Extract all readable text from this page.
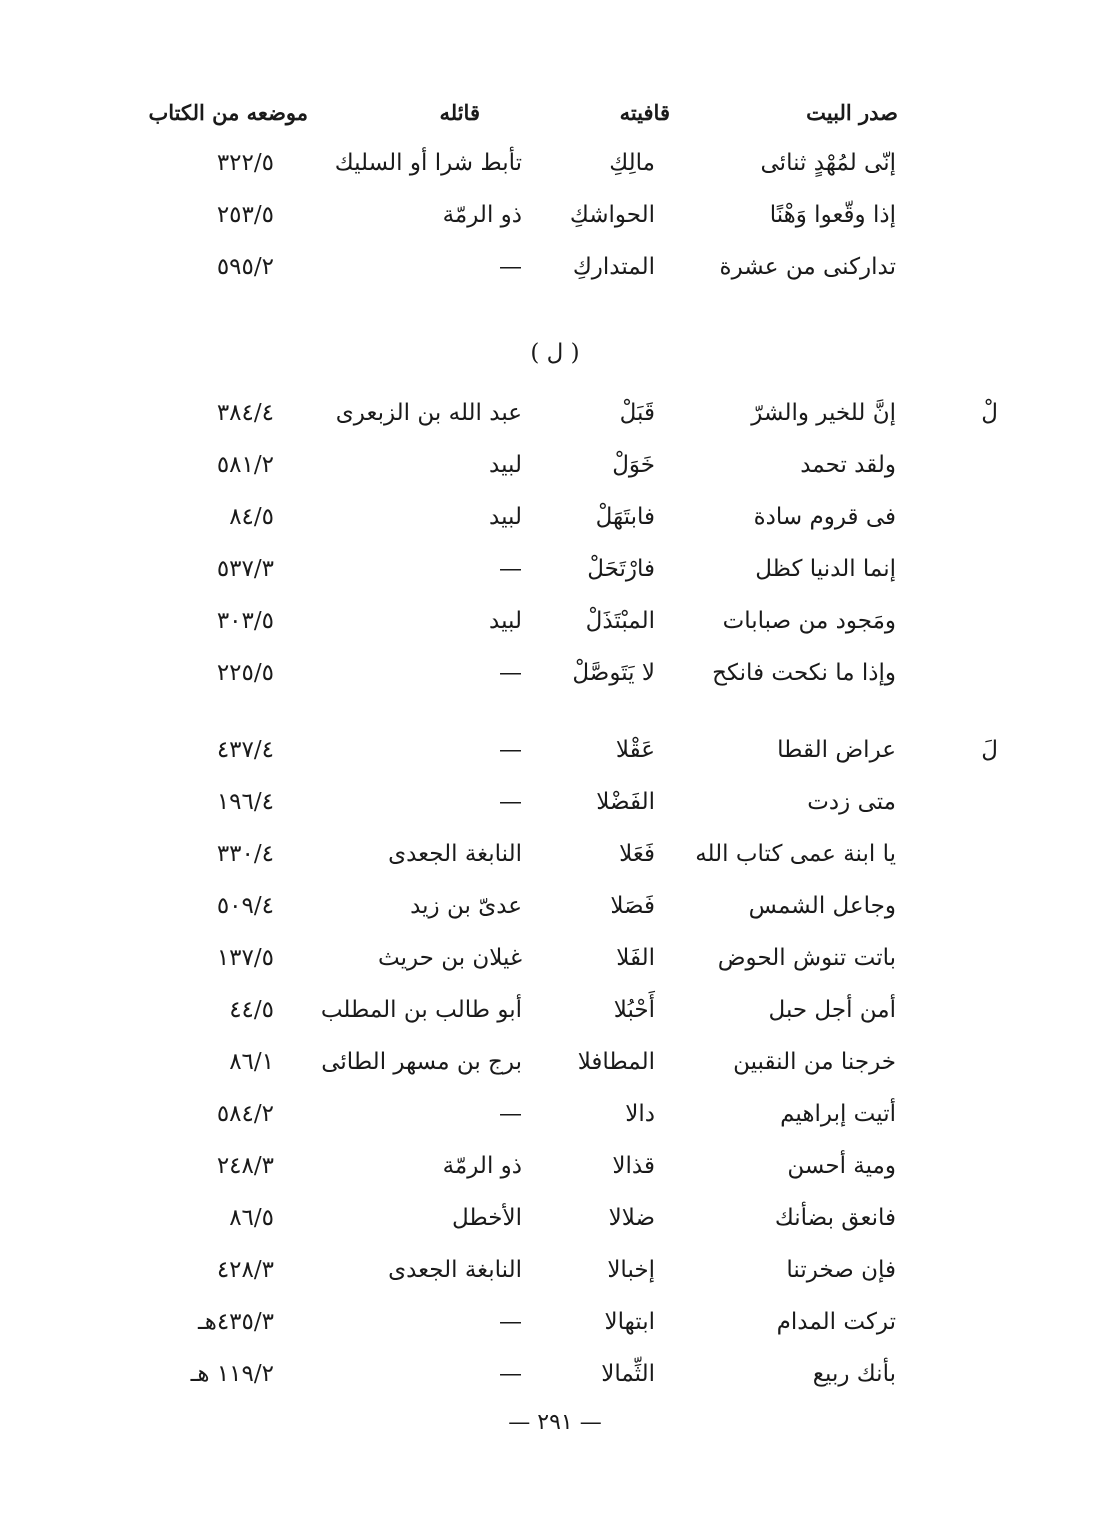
صدر البيت
قافيته
قائله
موضعه من الكتاب
إنّى لمُهْدٍ ثنائى
مالِكِ
تأبط شرا أو السليك
٣٢٢/٥
إذا وقّعوا وَهْنًا
الحواشكِ
ذو الرمّة
٢٥٣/٥
تداركنى من عشرة
المتداركِ
—
٥٩٥/٢
( ل )
لْ
إنَّ للخير والشرّ
قَبَلْ
عبد الله بن الزبعرى
٣٨٤/٤
ولقد تحمد
خَوَلْ
لبيد
٥٨١/٢
فى قروم سادة
فابتَهَلْ
لبيد
٨٤/٥
إنما الدنيا كظل
فارْتَحَلْ
—
٥٣٧/٣
ومَجود من صبابات
المبْتَذَلْ
لبيد
٣٠٣/٥
وإذا ما نكحت فانكح
لا يَتَوصَّلْ
—
٢٢٥/٥
لَ
عراض القطا
عَقْلا
—
٤٣٧/٤
متى زدت
الفَضْلا
—
١٩٦/٤
يا ابنة عمى كتاب الله
فَعَلا
النابغة الجعدى
٣٣٠/٤
وجاعل الشمس
فَصَلا
عدىّ بن زيد
٥٠٩/٤
باتت تنوش الحوض
الفَلا
غيلان بن حريث
١٣٧/٥
أمن أجل حبل
أَحْبُلا
أبو طالب بن المطلب
٤٤/٥
خرجنا من النقبين
المطافلا
برج بن مسهر الطائى
٨٦/١
أتيت إبراهيم
دالا
—
٥٨٤/٢
ومية أحسن
قذالا
ذو الرمّة
٢٤٨/٣
فانعق بضأنك
ضلالا
الأخطل
٨٦/٥
فإن صخرتنا
إخبالا
النابغة الجعدى
٤٢٨/٣
تركت المدام
ابتهالا
—
٤٣٥/٣هـ
بأنك ربيع
الثِّمالا
—
١١٩/٢ هـ
— ٢٩١ —
